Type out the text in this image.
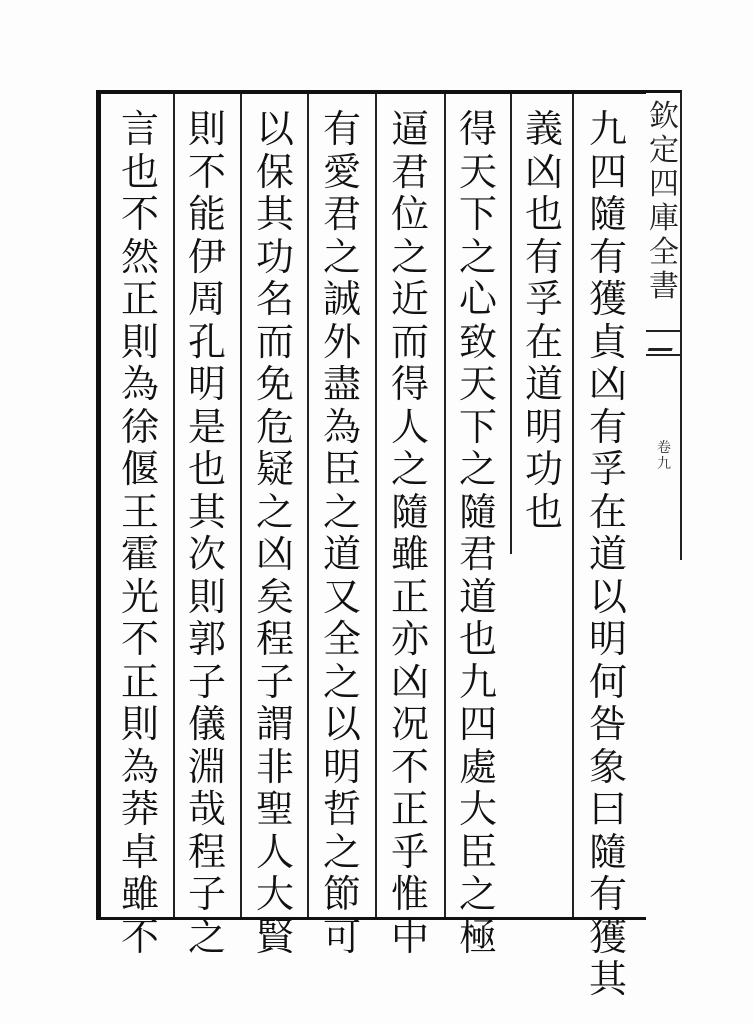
欽定四庫全書
卷九
九四隨有獲貞凶有孚在道以明何咎象曰隨有獲其
義凶也有孚在道明功也
得天下之心致天下之隨君道也九四處大臣之極
逼君位之近而得人之隨雖正亦凶况不正乎惟中
有愛君之誠外盡為臣之道又全之以明哲之節可
以保其功名而免危疑之凶矣程子謂非聖人大賢
則不能伊周孔明是也其次則郭子儀淵哉程子之
言也不然正則為徐偃王霍光不正則為莽卓雖不
